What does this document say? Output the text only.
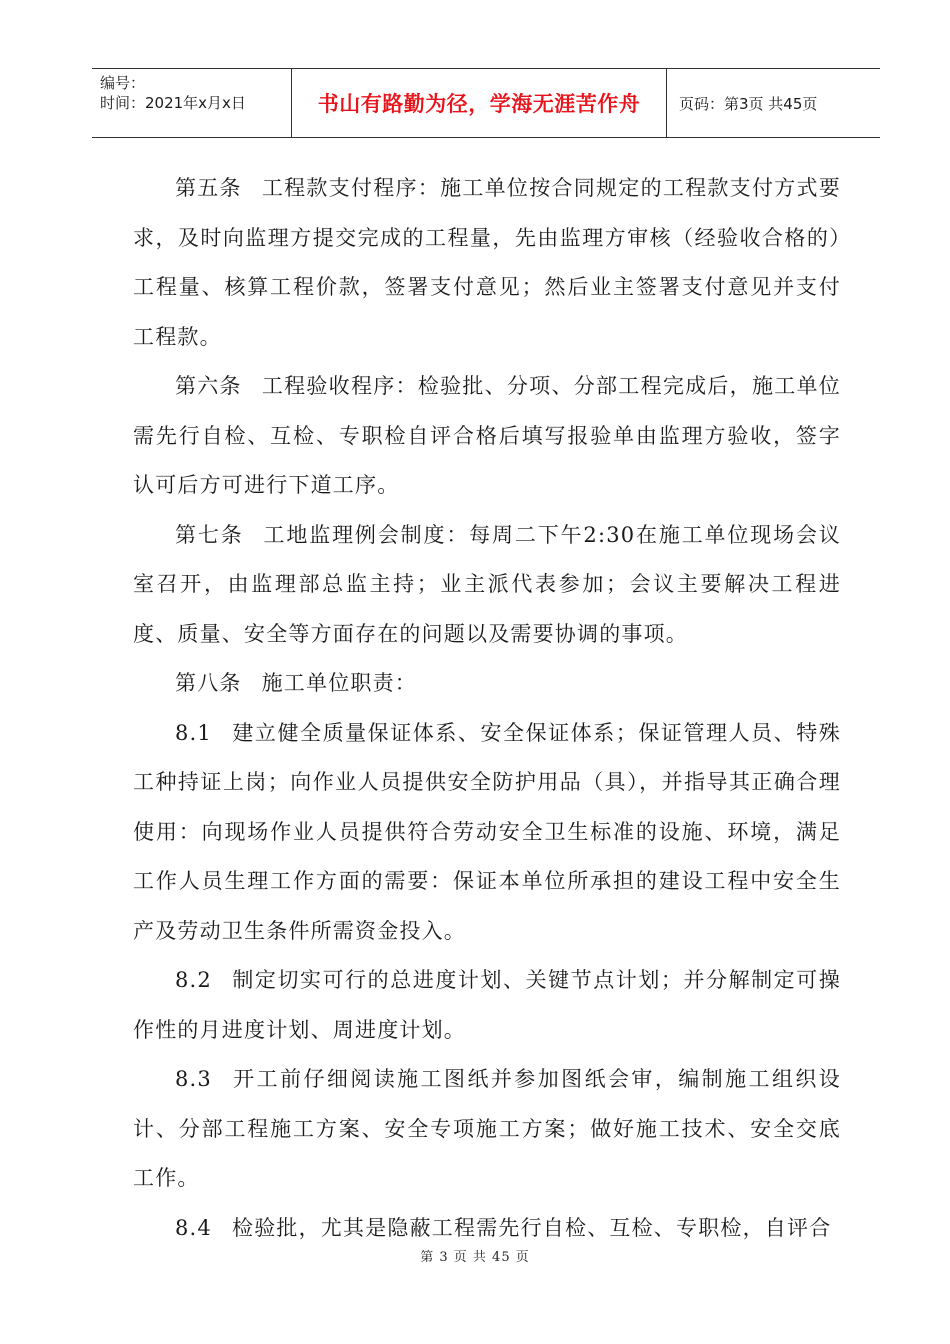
编号：
时间：2021年x月x日	书山有路勤为径，学海无涯苦作舟	页码：第3页 共45页

第五条 工程款支付程序：施工单位按合同规定的工程款支付方式要求，及时向监理方提交完成的工程量，先由监理方审核（经验收合格的）工程量、核算工程价款，签署支付意见；然后业主签署支付意见并支付工程款。

第六条 工程验收程序：检验批、分项、分部工程完成后，施工单位需先行自检、互检、专职检自评合格后填写报验单由监理方验收，签字认可后方可进行下道工序。

第七条 工地监理例会制度：每周二下午2:30在施工单位现场会议室召开，由监理部总监主持；业主派代表参加；会议主要解决工程进度、质量、安全等方面存在的问题以及需要协调的事项。

第八条 施工单位职责：

8.1 建立健全质量保证体系、安全保证体系；保证管理人员、特殊工种持证上岗；向作业人员提供安全防护用品（具），并指导其正确合理使用：向现场作业人员提供符合劳动安全卫生标准的设施、环境，满足工作人员生理工作方面的需要：保证本单位所承担的建设工程中安全生产及劳动卫生条件所需资金投入。

8.2 制定切实可行的总进度计划、关键节点计划；并分解制定可操作性的月进度计划、周进度计划。

8.3 开工前仔细阅读施工图纸并参加图纸会审，编制施工组织设计、分部工程施工方案、安全专项施工方案；做好施工技术、安全交底工作。

8.4 检验批，尤其是隐蔽工程需先行自检、互检、专职检，自评合

第 3 页 共 45 页
